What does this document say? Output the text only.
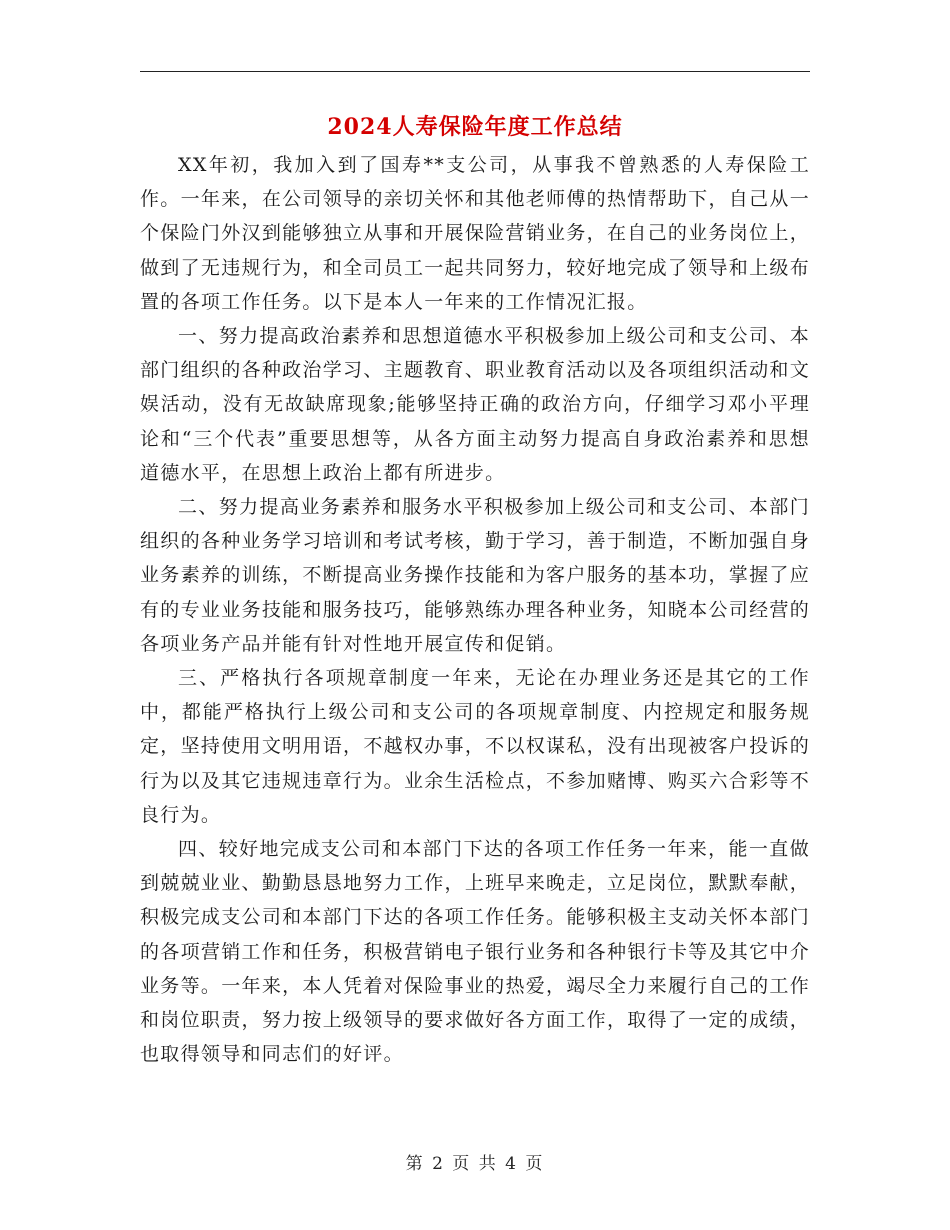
2024人寿保险年度工作总结

XX年初，我加入到了国寿**支公司，从事我不曾熟悉的人寿保险工作。一年来，在公司领导的亲切关怀和其他老师傅的热情帮助下，自己从一个保险门外汉到能够独立从事和开展保险营销业务，在自己的业务岗位上，做到了无违规行为，和全司员工一起共同努力，较好地完成了领导和上级布置的各项工作任务。以下是本人一年来的工作情况汇报。

一、努力提高政治素养和思想道德水平积极参加上级公司和支公司、本部门组织的各种政治学习、主题教育、职业教育活动以及各项组织活动和文娱活动，没有无故缺席现象;能够坚持正确的政治方向，仔细学习邓小平理论和“三个代表”重要思想等，从各方面主动努力提高自身政治素养和思想道德水平，在思想上政治上都有所进步。

二、努力提高业务素养和服务水平积极参加上级公司和支公司、本部门组织的各种业务学习培训和考试考核，勤于学习，善于制造，不断加强自身业务素养的训练，不断提高业务操作技能和为客户服务的基本功，掌握了应有的专业业务技能和服务技巧，能够熟练办理各种业务，知晓本公司经营的各项业务产品并能有针对性地开展宣传和促销。

三、严格执行各项规章制度一年来，无论在办理业务还是其它的工作中，都能严格执行上级公司和支公司的各项规章制度、内控规定和服务规定，坚持使用文明用语，不越权办事，不以权谋私，没有出现被客户投诉的行为以及其它违规违章行为。业余生活检点，不参加赌博、购买六合彩等不良行为。

四、较好地完成支公司和本部门下达的各项工作任务一年来，能一直做到兢兢业业、勤勤恳恳地努力工作，上班早来晚走，立足岗位，默默奉献，积极完成支公司和本部门下达的各项工作任务。能够积极主支动关怀本部门的各项营销工作和任务，积极营销电子银行业务和各种银行卡等及其它中介业务等。一年来，本人凭着对保险事业的热爱，竭尽全力来履行自己的工作和岗位职责，努力按上级领导的要求做好各方面工作，取得了一定的成绩，也取得领导和同志们的好评。

第 2 页 共 4 页
